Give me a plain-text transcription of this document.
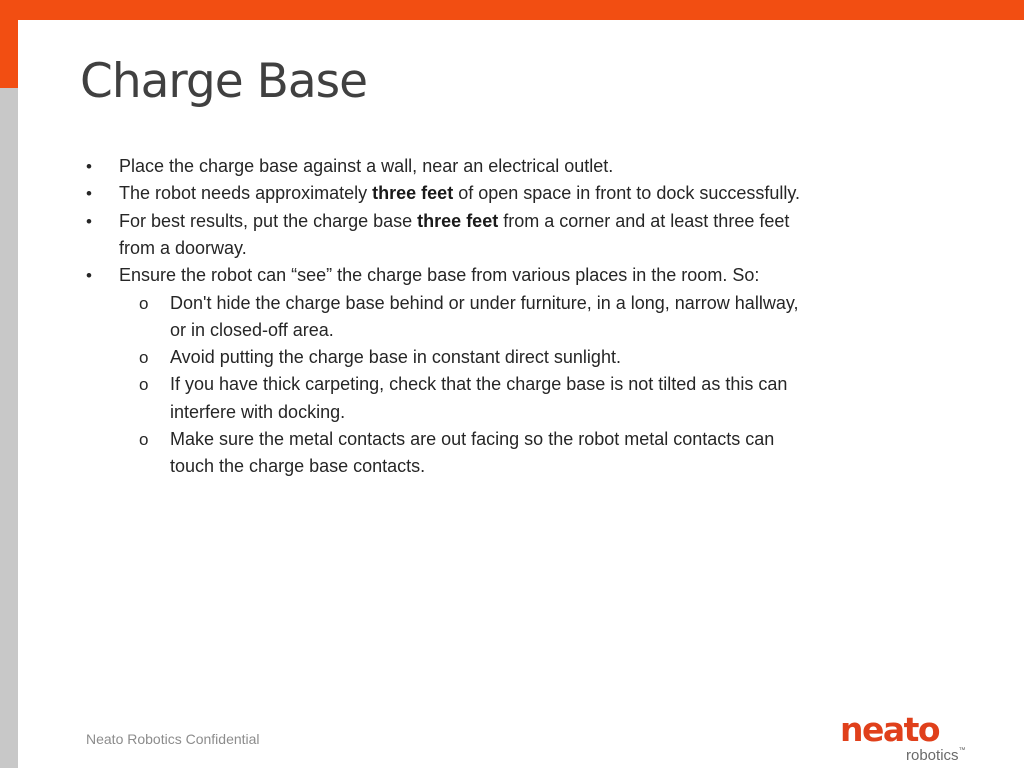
Charge Base
• Place the charge base against a wall, near an electrical outlet.
• The robot needs approximately three feet of open space in front to dock successfully.
• For best results, put the charge base three feet from a corner and at least three feet
from a doorway.
• Ensure the robot can “see” the charge base from various places in the room. So:
o Don't hide the charge base behind or under furniture, in a long, narrow hallway,
or in closed-off area.
o Avoid putting the charge base in constant direct sunlight.
o If you have thick carpeting, check that the charge base is not tilted as this can
interfere with docking.
o Make sure the metal contacts are out facing so the robot metal contacts can
touch the charge base contacts.
Neato Robotics Confidential	neato
robotics™
